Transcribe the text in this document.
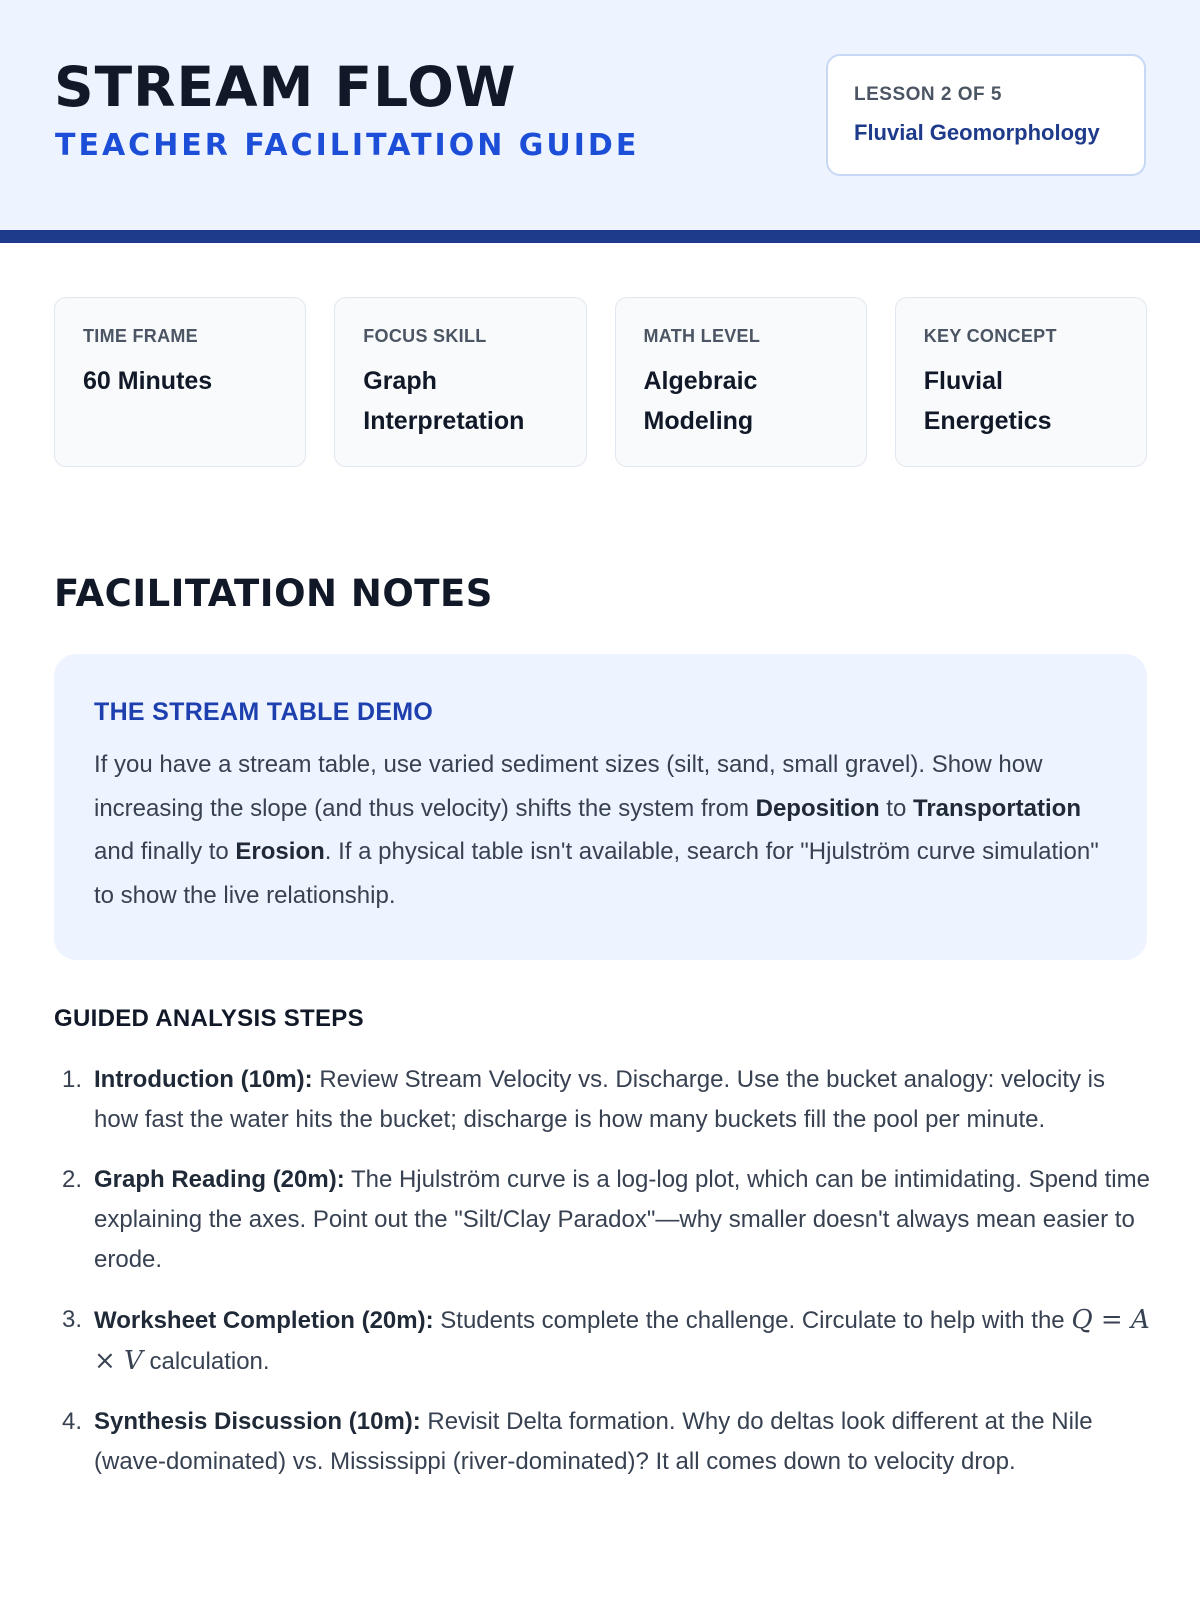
STREAM FLOW
TEACHER FACILITATION GUIDE
LESSON 2 OF 5
Fluvial Geomorphology
TIME FRAME
60 Minutes
FOCUS SKILL
Graph Interpretation
MATH LEVEL
Algebraic Modeling
KEY CONCEPT
Fluvial Energetics
FACILITATION NOTES
THE STREAM TABLE DEMO

If you have a stream table, use varied sediment sizes (silt, sand, small gravel). Show how increasing the slope (and thus velocity) shifts the system from Deposition to Transportation and finally to Erosion. If a physical table isn't available, search for "Hjulström curve simulation" to show the live relationship.

GUIDED ANALYSIS STEPS
1. Introduction (10m): Review Stream Velocity vs. Discharge. Use the bucket analogy: velocity is how fast the water hits the bucket; discharge is how many buckets fill the pool per minute.
2. Graph Reading (20m): The Hjulström curve is a log-log plot, which can be intimidating. Spend time explaining the axes. Point out the "Silt/Clay Paradox"—why smaller doesn't always mean easier to erode.
3. Worksheet Completion (20m): Students complete the challenge. Circulate to help with the Q = A × V calculation.
4. Synthesis Discussion (10m): Revisit Delta formation. Why do deltas look different at the Nile (wave-dominated) vs. Mississippi (river-dominated)? It all comes down to velocity drop.
